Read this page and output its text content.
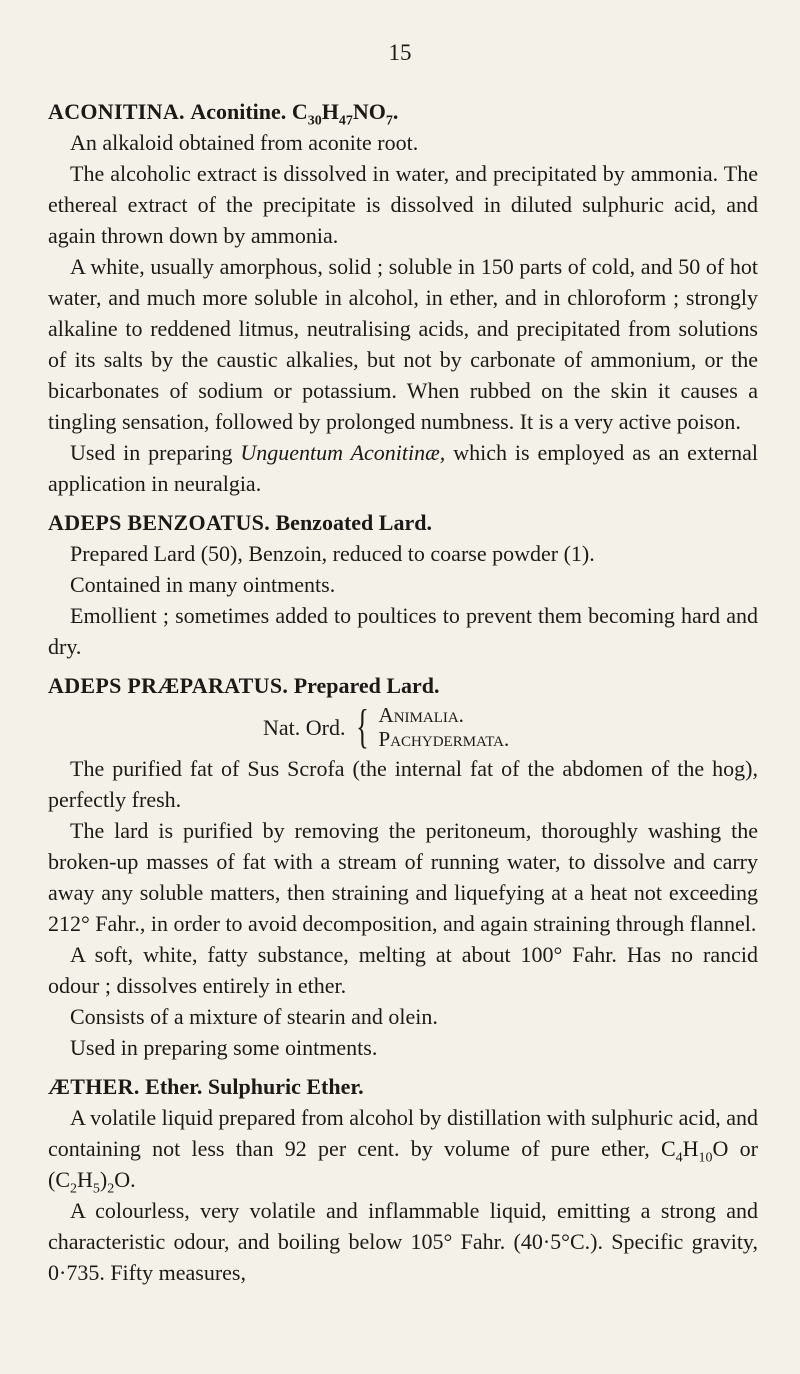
15

ACONITINA. Aconitine. $C_{30}H_{47}NO_7$.

An alkaloid obtained from aconite root.

The alcoholic extract is dissolved in water, and precipitated by ammonia. The ethereal extract of the precipitate is dissolved in diluted sulphuric acid, and again thrown down by ammonia.

A white, usually amorphous, solid ; soluble in 150 parts of cold, and 50 of hot water, and much more soluble in alcohol, in ether, and in chloroform ; strongly alkaline to reddened litmus, neutralising acids, and precipitated from solutions of its salts by the caustic alkalies, but not by carbonate of ammonium, or the bicarbonates of sodium or potassium. When rubbed on the skin it causes a tingling sensation, followed by prolonged numbness. It is a very active poison.

Used in preparing Unguentum Aconitinæ, which is employed as an external application in neuralgia.

ADEPS BENZOATUS. Benzoated Lard.

Prepared Lard (50), Benzoin, reduced to coarse powder (1).

Contained in many ointments.

Emollient ; sometimes added to poultices to prevent them becoming hard and dry.

ADEPS PRÆPARATUS. Prepared Lard.

Nat. Ord. { Animalia.
Pachydermata.

The purified fat of Sus Scrofa (the internal fat of the abdomen of the hog), perfectly fresh.

The lard is purified by removing the peritoneum, thoroughly washing the broken-up masses of fat with a stream of running water, to dissolve and carry away any soluble matters, then straining and liquefying at a heat not exceeding 212° Fahr., in order to avoid decomposition, and again straining through flannel.

A soft, white, fatty substance, melting at about 100° Fahr. Has no rancid odour ; dissolves entirely in ether.

Consists of a mixture of stearin and olein.

Used in preparing some ointments.

ÆTHER. Ether. Sulphuric Ether.

A volatile liquid prepared from alcohol by distillation with sulphuric acid, and containing not less than 92 per cent. by volume of pure ether, $C_4H_{10}O$ or $(C_2H_5)_2O$.

A colourless, very volatile and inflammable liquid, emitting a strong and characteristic odour, and boiling below 105° Fahr. (40·5°C.). Specific gravity, 0·735. Fifty measures,
